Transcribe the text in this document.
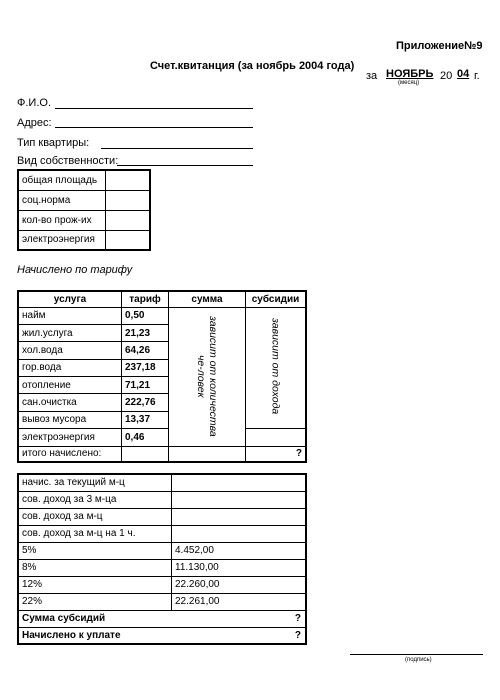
Приложение№9
Счет.квитанция (за ноябрь 2004 года)
за НОЯБРЬ
(месяц)
20 04 г.
Ф.И.О.
Адрес:
Тип квартиры:
Вид собственности:
общая площадь	
соц.норма	
кол-во прож-их	
электроэнергия	
Начислено по тарифу
услуга	тариф	сумма	субсидии
найм	0,50	зависит от количества че-ловек	зависит от дохода
жил.услуга	21,23		
хол.вода	64,26		
гор.вода	237,18		
отопление	71,21		
сан.очистка	222,76		
вывоз мусора	13,37		
электроэнергия	0,46		
итого начислено:			?
начис. за текущий м-ц	
сов. доход за 3 м-ца	
сов. доход за м-ц	
сов. доход за м-ц на 1 ч.	
5%	4.452,00
8%	11.130,00
12%	22.260,00
22%	22.261,00
Сумма субсидий ?	

Начислено к уплате ?	
(подпись)
